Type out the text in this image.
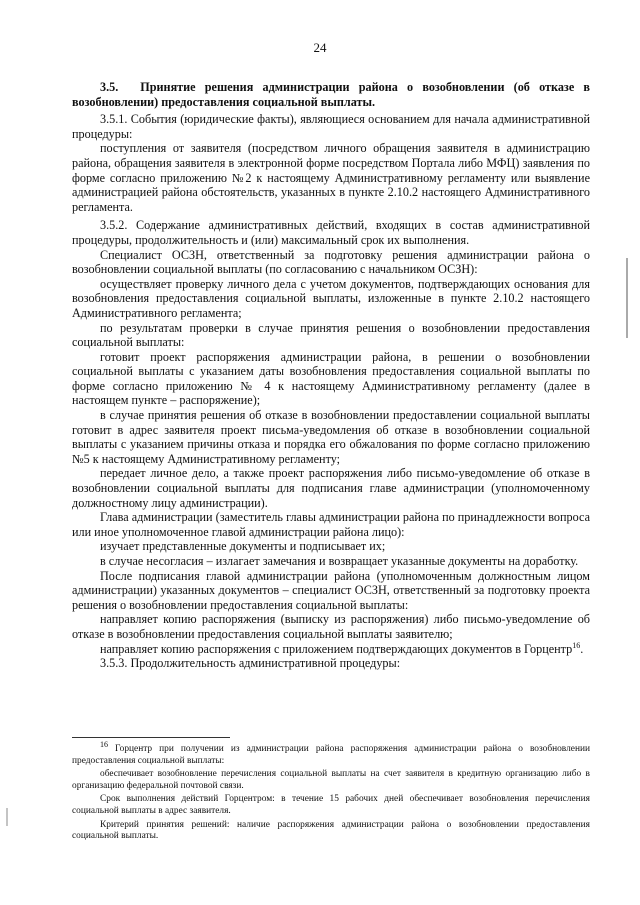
24

3.5. Принятие решения администрации района о возобновлении (об отказе в возобновлении) предоставления социальной выплаты.

3.5.1. События (юридические факты), являющиеся основанием для начала административной процедуры:

поступления от заявителя (посредством личного обращения заявителя в администрацию района, обращения заявителя в электронной форме посредством Портала либо МФЦ) заявления по форме согласно приложению №2 к настоящему Административному регламенту или выявление администрацией района обстоятельств, указанных в пункте 2.10.2 настоящего Административного регламента.

3.5.2. Содержание административных действий, входящих в состав административной процедуры, продолжительность и (или) максимальный срок их выполнения.

Специалист ОСЗН, ответственный за подготовку решения администрации района о возобновлении социальной выплаты (по согласованию с начальником ОСЗН):

осуществляет проверку личного дела с учетом документов, подтверждающих основания для возобновления предоставления социальной выплаты, изложенные в пункте 2.10.2 настоящего Административного регламента;

по результатам проверки в случае принятия решения о возобновлении предоставления социальной выплаты:

готовит проект распоряжения администрации района, в решении о возобновлении социальной выплаты с указанием даты возобновления предоставления социальной выплаты по форме согласно приложению № 4 к настоящему Административному регламенту (далее в настоящем пункте – распоряжение);

в случае принятия решения об отказе в возобновлении предоставлении социальной выплаты готовит в адрес заявителя проект письма-уведомления об отказе в возобновлении социальной выплаты с указанием причины отказа и порядка его обжалования по форме согласно приложению №5 к настоящему Административному регламенту;

передает личное дело, а также проект распоряжения либо письмо-уведомление об отказе в возобновлении социальной выплаты для подписания главе администрации (уполномоченному должностному лицу администрации).

Глава администрации (заместитель главы администрации района по принадлежности вопроса или иное уполномоченное главой администрации района лицо):

изучает представленные документы и подписывает их;

в случае несогласия – излагает замечания и возвращает указанные документы на доработку.

После подписания главой администрации района (уполномоченным должностным лицом администрации) указанных документов – специалист ОСЗН, ответственный за подготовку проекта решения о возобновлении предоставления социальной выплаты:

направляет копию распоряжения (выписку из распоряжения) либо письмо-уведомление об отказе в возобновлении предоставления социальной выплаты заявителю;

направляет копию распоряжения с приложением подтверждающих документов в Горцентр$^{16}$.

3.5.3. Продолжительность административной процедуры:

$^{16}$ Горцентр при получении из администрации района распоряжения администрации района о возобновлении предоставления социальной выплаты:

обеспечивает возобновление перечисления социальной выплаты на счет заявителя в кредитную организацию либо в организацию федеральной почтовой связи.

Срок выполнения действий Горцентром: в течение 15 рабочих дней обеспечивает возобновления перечисления социальной выплаты в адрес заявителя.

Критерий принятия решений: наличие распоряжения администрации района о возобновлении предоставления социальной выплаты.
